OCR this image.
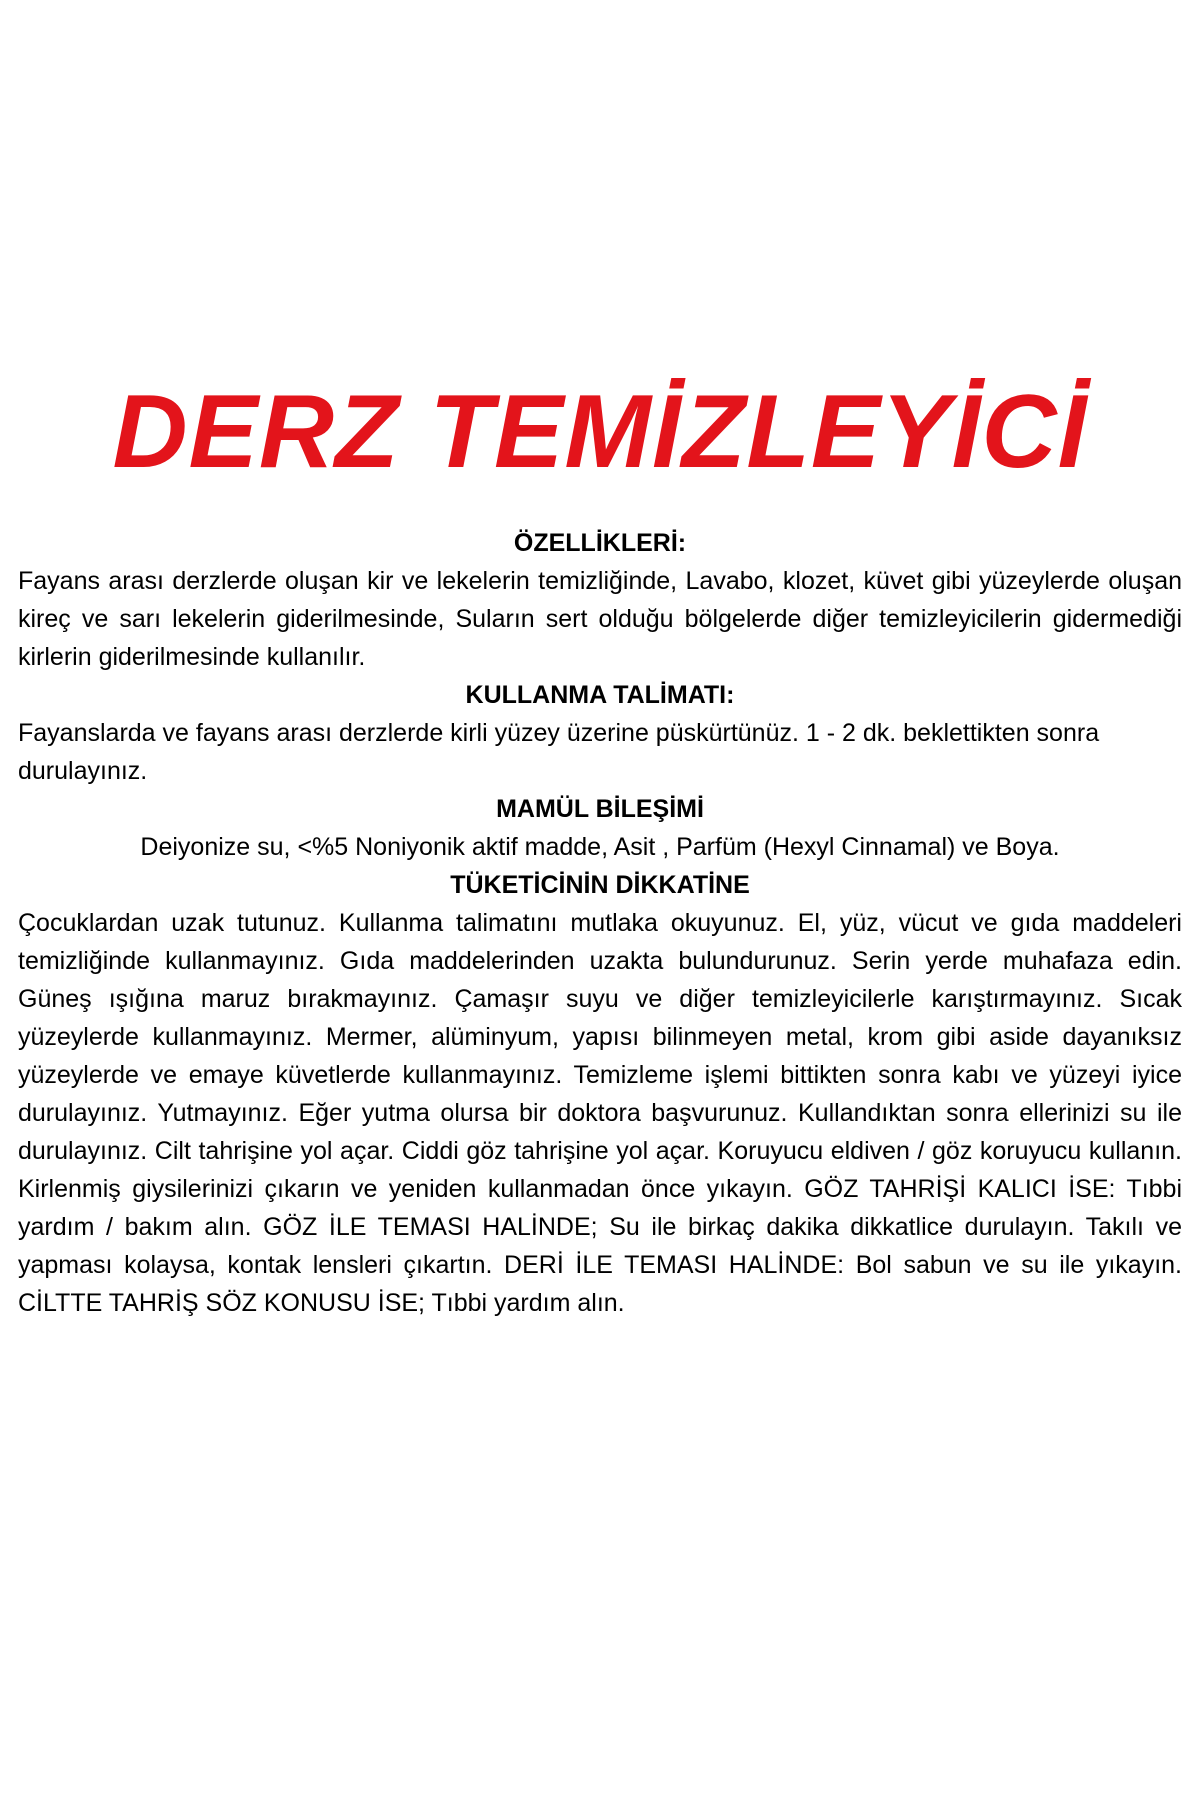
DERZ TEMİZLEYİCİ
ÖZELLİKLERİ:

Fayans arası derzlerde oluşan kir ve lekelerin temizliğinde, Lavabo, klozet, küvet gibi yüzeylerde oluşan kireç ve sarı lekelerin giderilmesinde, Suların sert olduğu bölgelerde diğer temizleyicilerin gidermediği kirlerin giderilmesinde kullanılır.

KULLANMA TALİMATI:

Fayanslarda ve fayans arası derzlerde kirli yüzey üzerine püskürtünüz. 1 - 2 dk. beklettikten sonra durulayınız.

MAMÜL BİLEŞİMİ

Deiyonize su, <%5 Noniyonik aktif madde, Asit , Parfüm (Hexyl Cinnamal) ve Boya.

TÜKETİCİNİN DİKKATİNE

Çocuklardan uzak tutunuz. Kullanma talimatını mutlaka okuyunuz. El, yüz, vücut ve gıda maddeleri temizliğinde kullanmayınız. Gıda maddelerinden uzakta bulundurunuz. Serin yerde muhafaza edin. Güneş ışığına maruz bırakmayınız. Çamaşır suyu ve diğer temizleyicilerle karıştırmayınız. Sıcak yüzeylerde kullanmayınız. Mermer, alüminyum, yapısı bilinmeyen metal, krom gibi aside dayanıksız yüzeylerde ve emaye küvetlerde kullanmayınız. Temizleme işlemi bittikten sonra kabı ve yüzeyi iyice durulayınız. Yutmayınız. Eğer yutma olursa bir doktora başvurunuz. Kullandıktan sonra ellerinizi su ile durulayınız. Cilt tahrişine yol açar. Ciddi göz tahrişine yol açar. Koruyucu eldiven / göz koruyucu kullanın. Kirlenmiş giysilerinizi çıkarın ve yeniden kullanmadan önce yıkayın. GÖZ TAHRİŞİ KALICI İSE: Tıbbi yardım / bakım alın. GÖZ İLE TEMASI HALİNDE; Su ile birkaç dakika dikkatlice durulayın. Takılı ve yapması kolaysa, kontak lensleri çıkartın. DERİ İLE TEMASI HALİNDE: Bol sabun ve su ile yıkayın. CİLTTE TAHRİŞ SÖZ KONUSU İSE; Tıbbi yardım alın.
